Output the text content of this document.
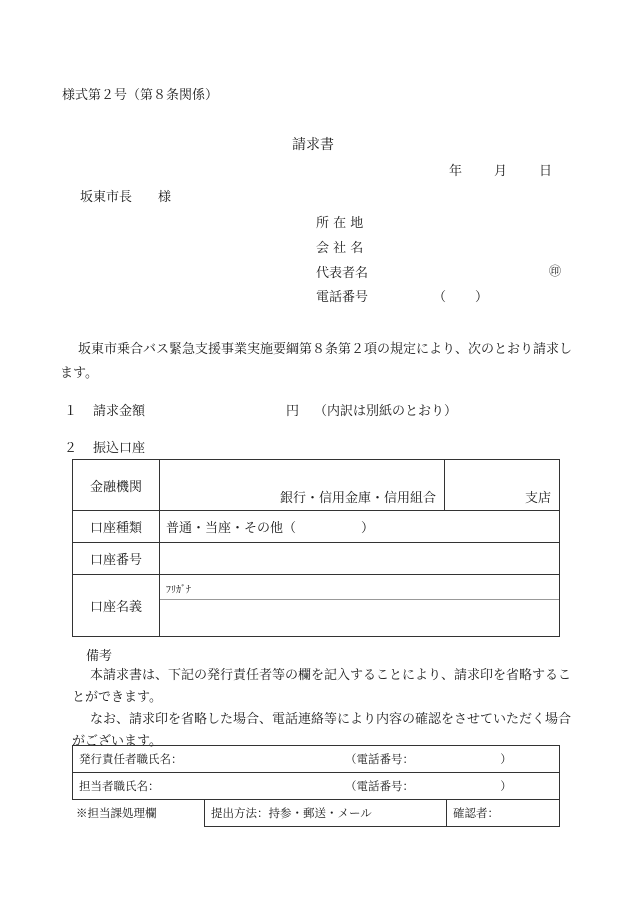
様式第２号（第８条関係）
請求書
年 月 日
坂東市長　　様
所 在 地
会 社 名
代表者名	㊞
電話番号	（ ）
坂東市乗合バス緊急支援事業実施要綱第８条第２項の規定により、次のとおり請求します。
１ 請求金額	円 （内訳は別紙のとおり）
２ 振込口座
金融機関	銀行・信用金庫・信用組合	支店
口座種類	普通・当座・その他（　　　　　）	
口座番号		
口座名義	ﾌﾘｶﾞﾅ	
備考
本請求書は、下記の発行責任者等の欄を記入することにより、請求印を省略することができます。
なお、請求印を省略した場合、電話連絡等により内容の確認をさせていただく場合がございます。
発行責任者職氏名：	（電話番号：　　　　　　　　）

担当者職氏名：	（電話番号：　　　　　　　　）
※担当課処理欄	提出方法：持参・郵送・メール	確認者：
